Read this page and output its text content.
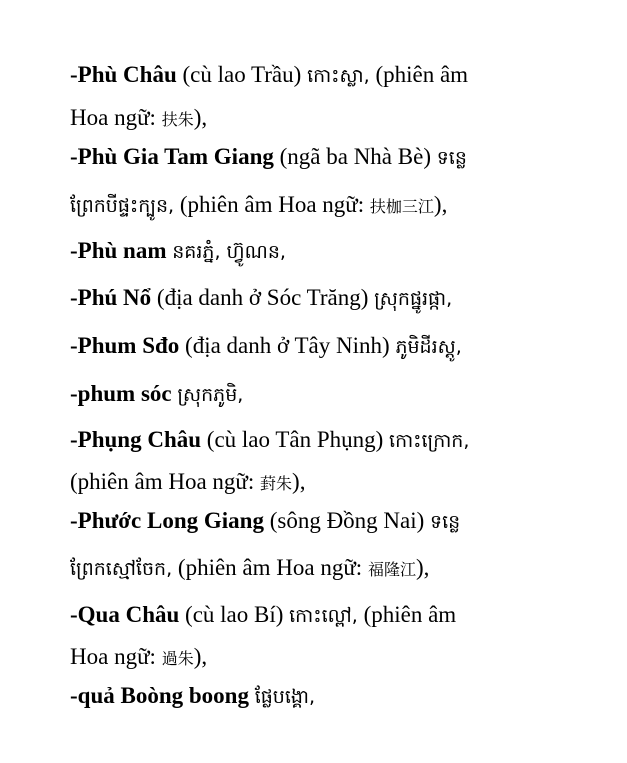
-Phù Châu (cù lao Trầu) កោះស្លា, (phiên âm
Hoa ngữ: 扶朱),
-Phù Gia Tam Giang (ngã ba Nhà Bè) ទន្លេ
ព្រែកបីផ្ទះក្បូន, (phiên âm Hoa ngữ: 扶枷三江),
-Phù nam នគរភ្នំ, ហ៊្វូណន,
-Phú Nổ (địa danh ở Sóc Trăng) ស្រុកផ្នូរផ្កា,
-Phum Sđo (địa danh ở Tây Ninh) ភូមិដីរស្ដូ,
-phum sóc ស្រុកភូមិ,
-Phụng Châu (cù lao Tân Phụng) កោះក្រោក,
(phiên âm Hoa ngữ: 葑朱),
-Phước Long Giang (sông Đồng Nai) ទន្លេ
ព្រែកស្មៅចែក, (phiên âm Hoa ngữ: 福隆江),
-Qua Châu (cù lao Bí) កោះល្ពៅ, (phiên âm
Hoa ngữ: 過朱),
-quả Boòng boong ផ្លែបង្គោ,
